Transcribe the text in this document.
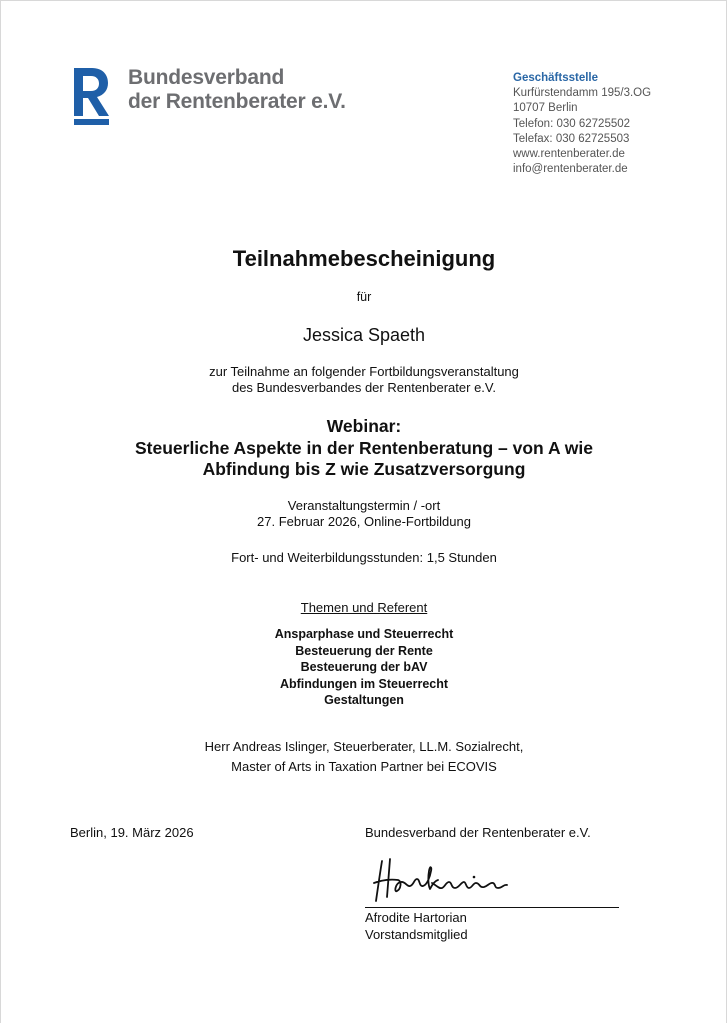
Bundesverband
der Rentenberater e.V.
Geschäftsstelle
Kurfürstendamm 195/3.OG
10707 Berlin
Telefon: 030 62725502
Telefax: 030 62725503
www.rentenberater.de
info@rentenberater.de
Teilnahmebescheinigung
für
Jessica Spaeth
zur Teilnahme an folgender Fortbildungsveranstaltung
des Bundesverbandes der Rentenberater e.V.
Webinar:
Steuerliche Aspekte in der Rentenberatung – von A wie
Abfindung bis Z wie Zusatzversorgung
Veranstaltungstermin / -ort
27. Februar 2026, Online-Fortbildung
Fort- und Weiterbildungsstunden: 1,5 Stunden
Themen und Referent
Ansparphase und Steuerrecht
Besteuerung der Rente
Besteuerung der bAV
Abfindungen im Steuerrecht
Gestaltungen
Herr Andreas Islinger, Steuerberater, LL.M. Sozialrecht,
Master of Arts in Taxation Partner bei ECOVIS
Berlin, 19. März 2026	Bundesverband der Rentenberater e.V.
Afrodite Hartorian
Vorstandsmitglied
